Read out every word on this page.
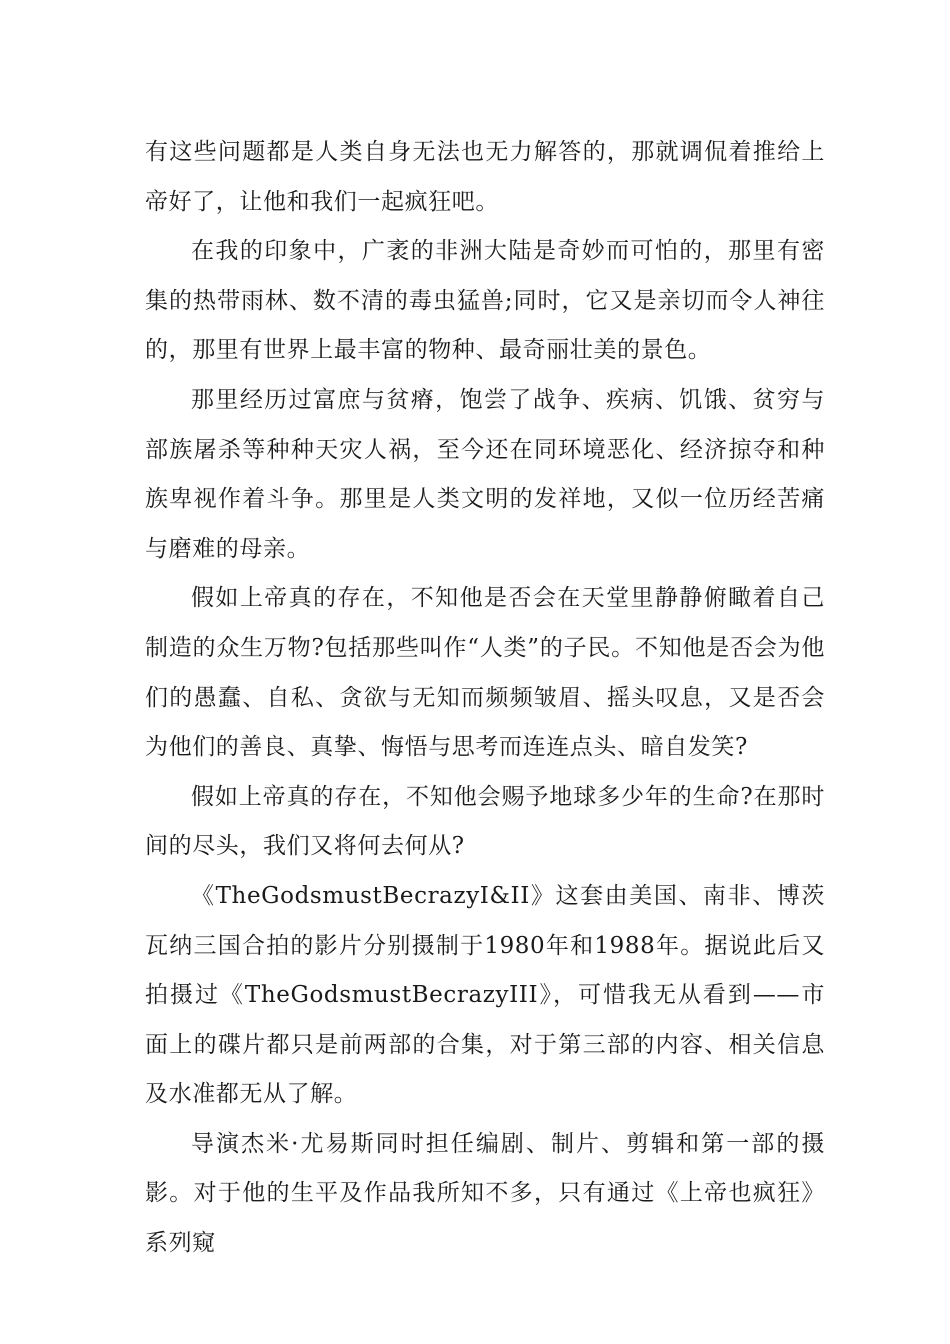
有这些问题都是人类自身无法也无力解答的，那就调侃着推给上帝好了，让他和我们一起疯狂吧。

在我的印象中，广袤的非洲大陆是奇妙而可怕的，那里有密集的热带雨林、数不清的毒虫猛兽;同时，它又是亲切而令人神往的，那里有世界上最丰富的物种、最奇丽壮美的景色。

那里经历过富庶与贫瘠，饱尝了战争、疾病、饥饿、贫穷与部族屠杀等种种天灾人祸，至今还在同环境恶化、经济掠夺和种族卑视作着斗争。那里是人类文明的发祥地，又似一位历经苦痛与磨难的母亲。

假如上帝真的存在，不知他是否会在天堂里静静俯瞰着自己制造的众生万物?包括那些叫作“人类”的子民。不知他是否会为他们的愚蠢、自私、贪欲与无知而频频皱眉、摇头叹息，又是否会为他们的善良、真挚、悔悟与思考而连连点头、暗自发笑?

假如上帝真的存在，不知他会赐予地球多少年的生命?在那时间的尽头，我们又将何去何从?

《TheGodsmustBecrazyI&II》这套由美国、南非、博茨瓦纳三国合拍的影片分别摄制于1980年和1988年。据说此后又拍摄过《TheGodsmustBecrazyIII》，可惜我无从看到——市面上的碟片都只是前两部的合集，对于第三部的内容、相关信息及水准都无从了解。

导演杰米·尤易斯同时担任编剧、制片、剪辑和第一部的摄影。对于他的生平及作品我所知不多，只有通过《上帝也疯狂》系列窥
